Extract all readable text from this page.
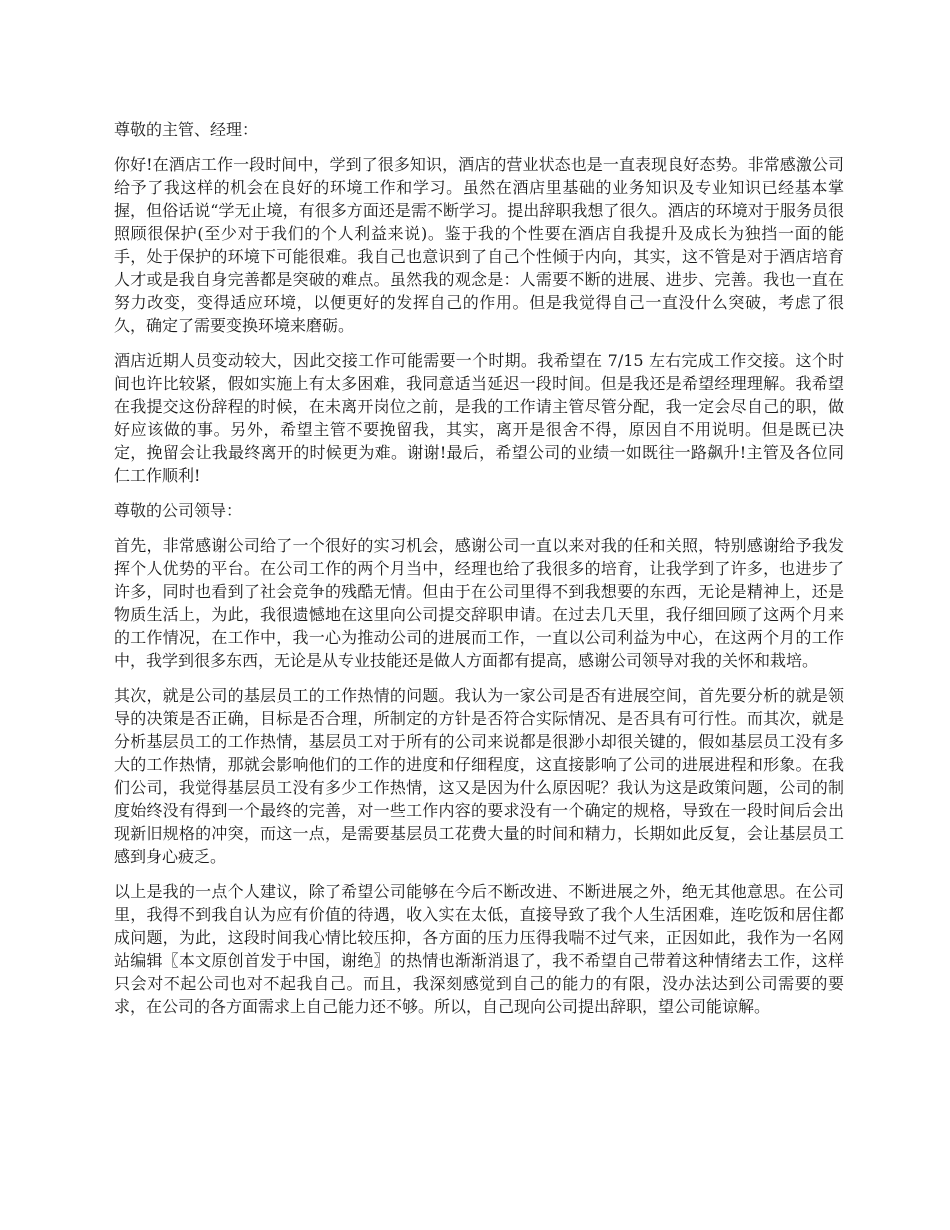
尊敬的主管、经理：

你好!在酒店工作一段时间中，学到了很多知识，酒店的营业状态也是一直表现良好态势。非常感激公司给予了我这样的机会在良好的环境工作和学习。虽然在酒店里基础的业务知识及专业知识已经基本掌握，但俗话说“学无止境，有很多方面还是需不断学习。提出辞职我想了很久。酒店的环境对于服务员很照顾很保护(至少对于我们的个人利益来说)。鉴于我的个性要在酒店自我提升及成长为独挡一面的能手，处于保护的环境下可能很难。我自己也意识到了自己个性倾于内向，其实，这不管是对于酒店培育人才或是我自身完善都是突破的难点。虽然我的观念是：人需要不断的进展、进步、完善。我也一直在努力改变，变得适应环境，以便更好的发挥自己的作用。但是我觉得自己一直没什么突破，考虑了很久，确定了需要变换环境来磨砺。

酒店近期人员变动较大，因此交接工作可能需要一个时期。我希望在 7/15 左右完成工作交接。这个时间也许比较紧，假如实施上有太多困难，我同意适当延迟一段时间。但是我还是希望经理理解。我希望在我提交这份辞程的时候，在未离开岗位之前，是我的工作请主管尽管分配，我一定会尽自己的职，做好应该做的事。另外，希望主管不要挽留我，其实，离开是很舍不得，原因自不用说明。但是既已决定，挽留会让我最终离开的时候更为难。谢谢!最后，希望公司的业绩一如既往一路飙升!主管及各位同仁工作顺利!

尊敬的公司领导：

首先，非常感谢公司给了一个很好的实习机会，感谢公司一直以来对我的任和关照，特别感谢给予我发挥个人优势的平台。在公司工作的两个月当中，经理也给了我很多的培育，让我学到了许多，也进步了许多，同时也看到了社会竞争的残酷无情。但由于在公司里得不到我想要的东西，无论是精神上，还是物质生活上，为此，我很遗憾地在这里向公司提交辞职申请。在过去几天里，我仔细回顾了这两个月来的工作情况，在工作中，我一心为推动公司的进展而工作，一直以公司利益为中心，在这两个月的工作中，我学到很多东西，无论是从专业技能还是做人方面都有提高，感谢公司领导对我的关怀和栽培。

其次，就是公司的基层员工的工作热情的问题。我认为一家公司是否有进展空间，首先要分析的就是领导的决策是否正确，目标是否合理，所制定的方针是否符合实际情况、是否具有可行性。而其次，就是分析基层员工的工作热情，基层员工对于所有的公司来说都是很渺小却很关键的，假如基层员工没有多大的工作热情，那就会影响他们的工作的进度和仔细程度，这直接影响了公司的进展进程和形象。在我们公司，我觉得基层员工没有多少工作热情，这又是因为什么原因呢？我认为这是政策问题，公司的制度始终没有得到一个最终的完善，对一些工作内容的要求没有一个确定的规格，导致在一段时间后会出现新旧规格的冲突，而这一点，是需要基层员工花费大量的时间和精力，长期如此反复，会让基层员工感到身心疲乏。

以上是我的一点个人建议，除了希望公司能够在今后不断改进、不断进展之外，绝无其他意思。在公司里，我得不到我自认为应有价值的待遇，收入实在太低，直接导致了我个人生活困难，连吃饭和居住都成问题，为此，这段时间我心情比较压抑，各方面的压力压得我喘不过气来，正因如此，我作为一名网站编辑〖本文原创首发于中国，谢绝〗的热情也渐渐消退了，我不希望自己带着这种情绪去工作，这样只会对不起公司也对不起我自己。而且，我深刻感觉到自己的能力的有限，没办法达到公司需要的要求，在公司的各方面需求上自己能力还不够。所以，自己现向公司提出辞职，望公司能谅解。
